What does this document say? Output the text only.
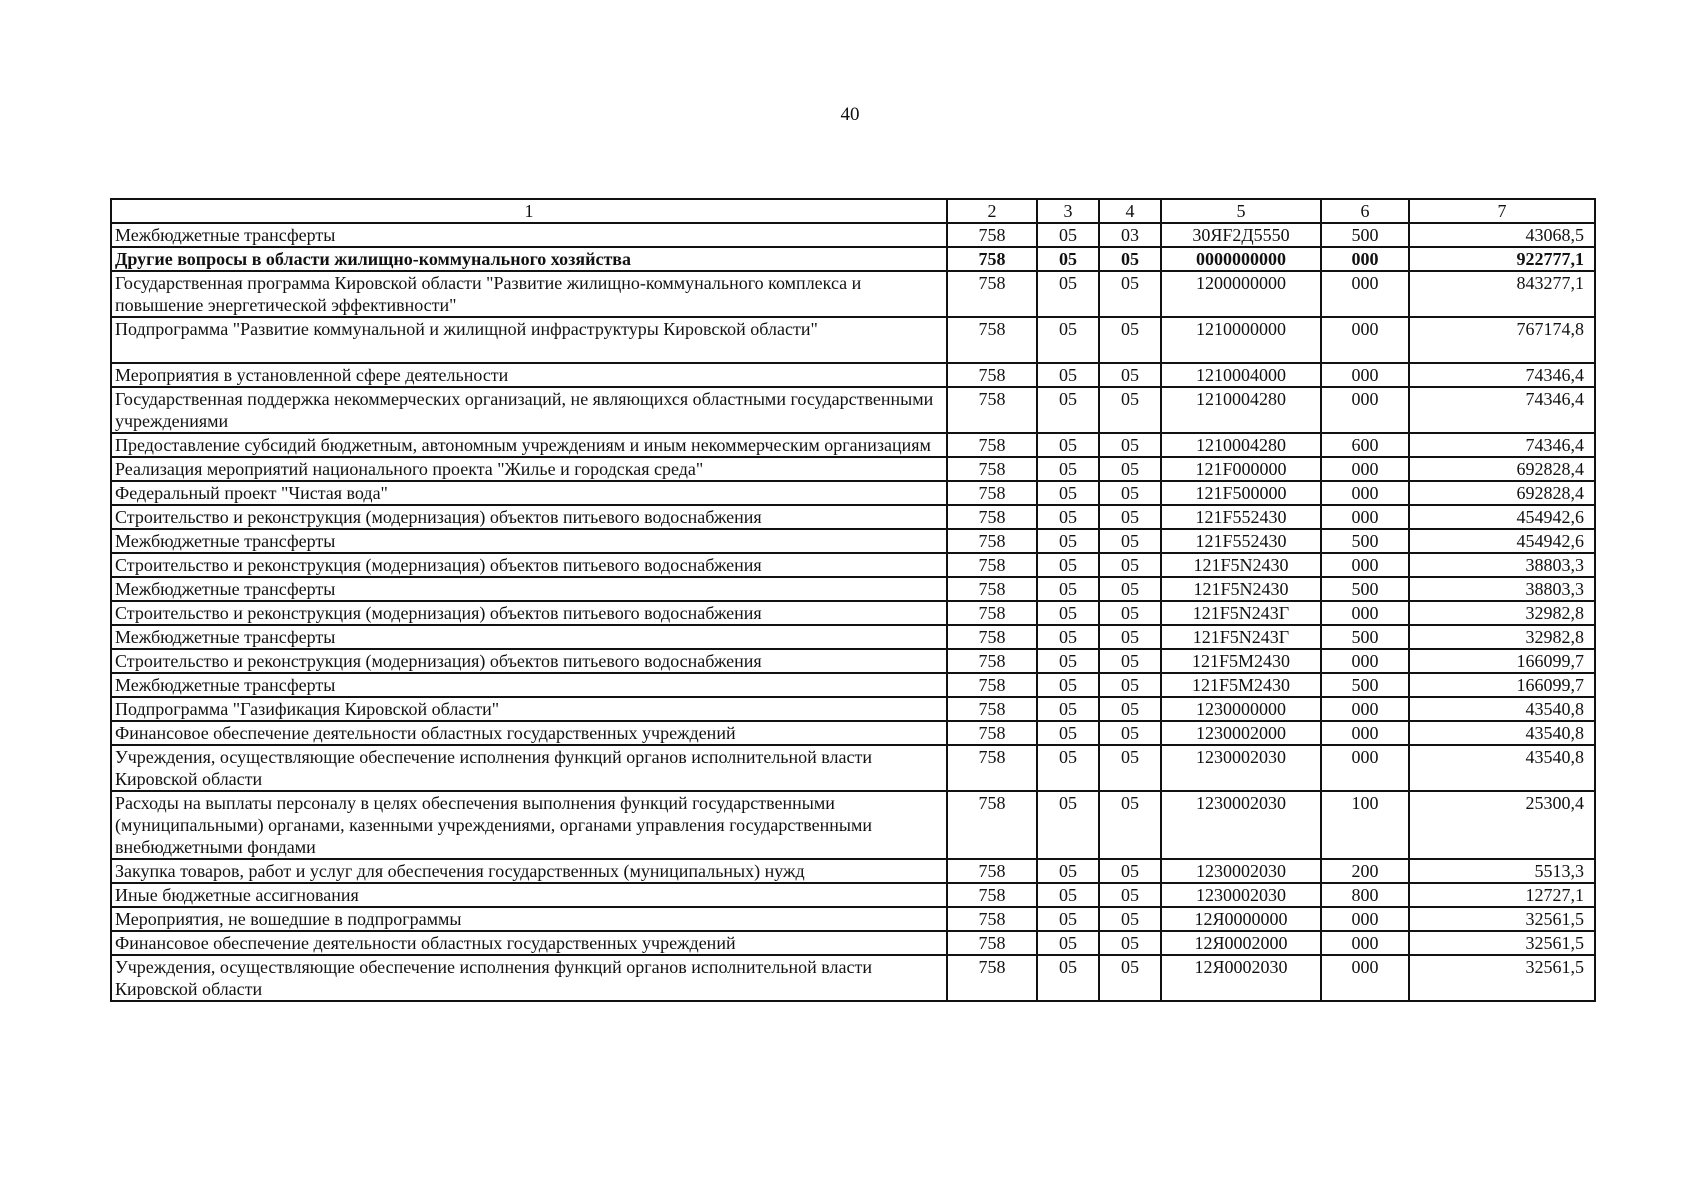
40
1	2	3	4	5	6	7
Межбюджетные трансферты	758	05	03	30ЯF2Д5550	500	43068,5
Другие вопросы в области жилищно-коммунального хозяйства	758	05	05	0000000000	000	922777,1
Государственная программа Кировской области "Развитие жилищно-коммунального комплекса и повышение энергетической эффективности"	758	05	05	1200000000	000	843277,1
Подпрограмма "Развитие коммунальной и жилищной инфраструктуры Кировской области"	758	05	05	1210000000	000	767174,8
Мероприятия в установленной сфере деятельности	758	05	05	1210004000	000	74346,4
Государственная поддержка некоммерческих организаций, не являющихся областными государственными учреждениями	758	05	05	1210004280	000	74346,4
Предоставление субсидий бюджетным, автономным учреждениям и иным некоммерческим организациям	758	05	05	1210004280	600	74346,4
Реализация мероприятий национального проекта "Жилье и городская среда"	758	05	05	121F000000	000	692828,4
Федеральный проект "Чистая вода"	758	05	05	121F500000	000	692828,4
Строительство и реконструкция (модернизация) объектов питьевого водоснабжения	758	05	05	121F552430	000	454942,6
Межбюджетные трансферты	758	05	05	121F552430	500	454942,6
Строительство и реконструкция (модернизация) объектов питьевого водоснабжения	758	05	05	121F5N2430	000	38803,3
Межбюджетные трансферты	758	05	05	121F5N2430	500	38803,3
Строительство и реконструкция (модернизация) объектов питьевого водоснабжения	758	05	05	121F5N243Г	000	32982,8
Межбюджетные трансферты	758	05	05	121F5N243Г	500	32982,8
Строительство и реконструкция (модернизация) объектов питьевого водоснабжения	758	05	05	121F5M2430	000	166099,7
Межбюджетные трансферты	758	05	05	121F5M2430	500	166099,7
Подпрограмма "Газификация Кировской области"	758	05	05	1230000000	000	43540,8
Финансовое обеспечение деятельности областных государственных учреждений	758	05	05	1230002000	000	43540,8
Учреждения, осуществляющие обеспечение исполнения функций органов исполнительной власти Кировской области	758	05	05	1230002030	000	43540,8
Расходы на выплаты персоналу в целях обеспечения выполнения функций государственными (муниципальными) органами, казенными учреждениями, органами управления государственными внебюджетными фондами	758	05	05	1230002030	100	25300,4
Закупка товаров, работ и услуг для обеспечения государственных (муниципальных) нужд	758	05	05	1230002030	200	5513,3
Иные бюджетные ассигнования	758	05	05	1230002030	800	12727,1
Мероприятия, не вошедшие в подпрограммы	758	05	05	12Я0000000	000	32561,5
Финансовое обеспечение деятельности областных государственных учреждений	758	05	05	12Я0002000	000	32561,5
Учреждения, осуществляющие обеспечение исполнения функций органов исполнительной власти Кировской области	758	05	05	12Я0002030	000	32561,5
